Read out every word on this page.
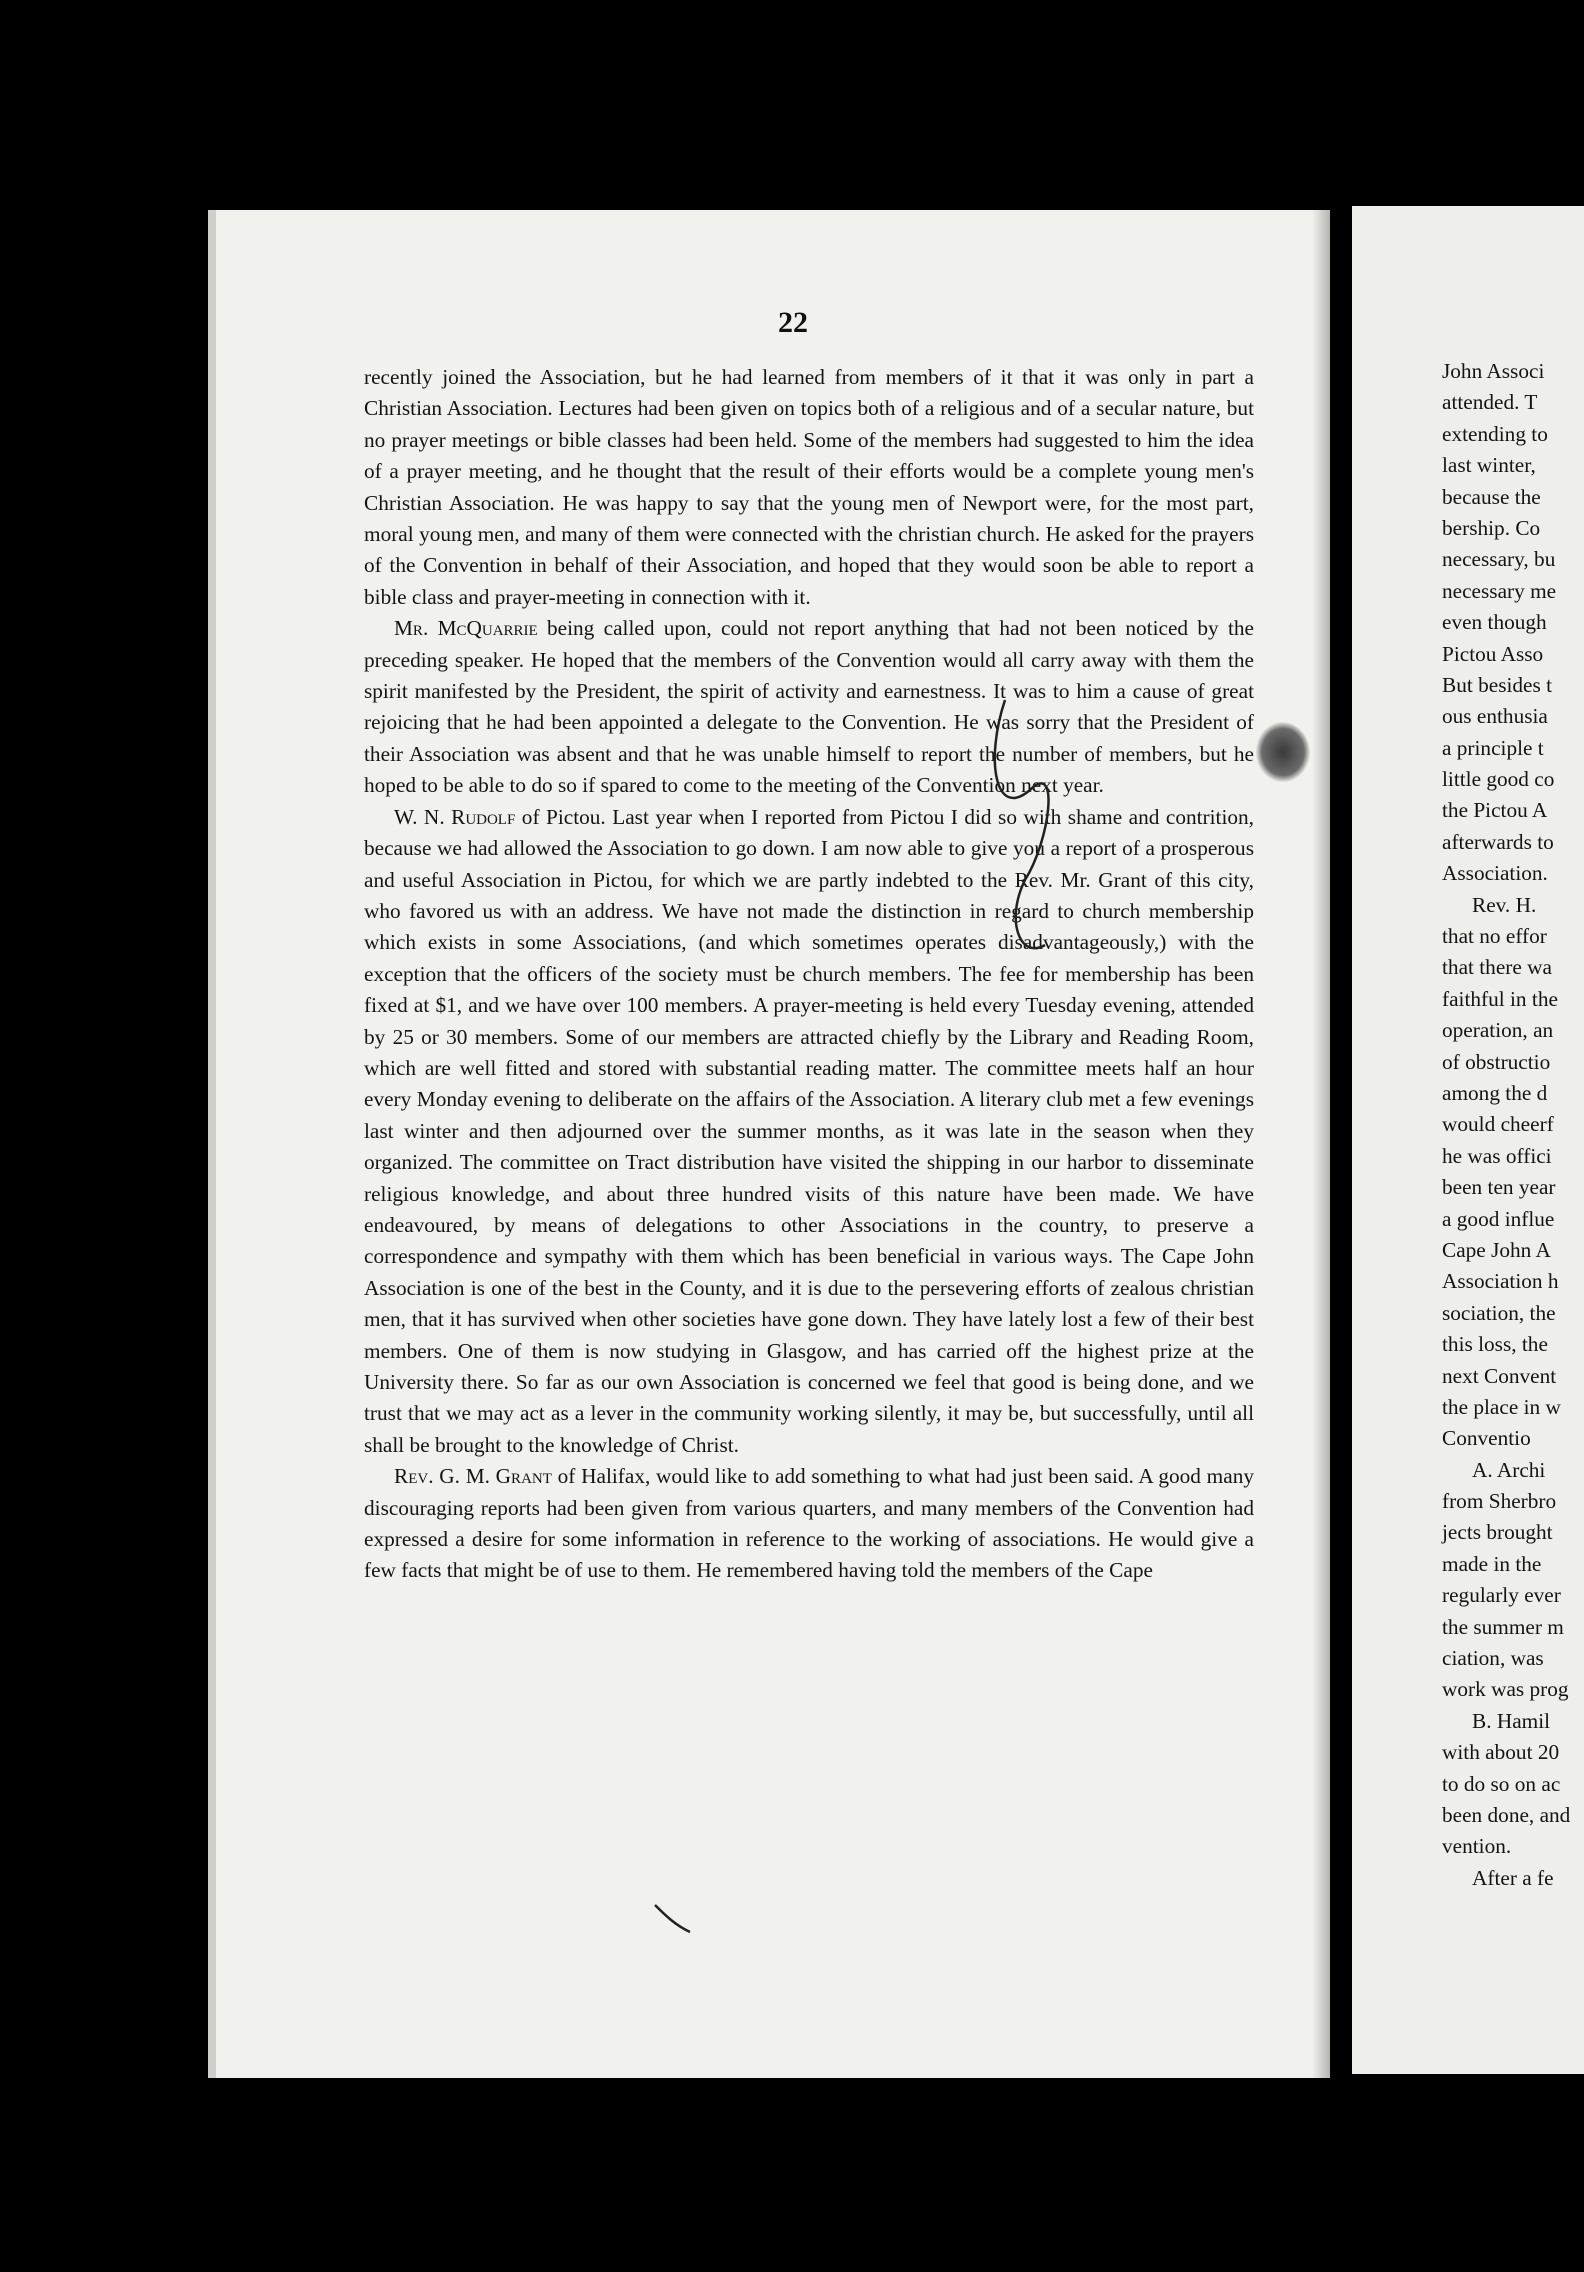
22

recently joined the Association, but he had learned from members of it that it was only in part a Christian Association. Lectures had been given on topics both of a religious and of a secular nature, but no prayer meetings or bible classes had been held. Some of the members had suggested to him the idea of a prayer meeting, and he thought that the result of their efforts would be a complete young men's Christian Association. He was happy to say that the young men of Newport were, for the most part, moral young men, and many of them were connected with the christian church. He asked for the prayers of the Convention in behalf of their Association, and hoped that they would soon be able to report a bible class and prayer-meeting in connection with it.

Mr. McQuarrie being called upon, could not report anything that had not been noticed by the preceding speaker. He hoped that the members of the Convention would all carry away with them the spirit manifested by the President, the spirit of activity and earnestness. It was to him a cause of great rejoicing that he had been appointed a delegate to the Convention. He was sorry that the President of their Association was absent and that he was unable himself to report the number of members, but he hoped to be able to do so if spared to come to the meeting of the Convention next year.

W. N. Rudolf of Pictou. Last year when I reported from Pictou I did so with shame and contrition, because we had allowed the Association to go down. I am now able to give you a report of a prosperous and useful Association in Pictou, for which we are partly indebted to the Rev. Mr. Grant of this city, who favored us with an address. We have not made the distinction in regard to church membership which exists in some Associations, (and which sometimes operates disadvantageously,) with the exception that the officers of the society must be church members. The fee for membership has been fixed at $1, and we have over 100 members. A prayer-meeting is held every Tuesday evening, attended by 25 or 30 members. Some of our members are attracted chiefly by the Library and Reading Room, which are well fitted and stored with substantial reading matter. The committee meets half an hour every Monday evening to deliberate on the affairs of the Association. A literary club met a few evenings last winter and then adjourned over the summer months, as it was late in the season when they organized. The committee on Tract distribution have visited the shipping in our harbor to disseminate religious knowledge, and about three hundred visits of this nature have been made. We have endeavoured, by means of delegations to other Associations in the country, to preserve a correspondence and sympathy with them which has been beneficial in various ways. The Cape John Association is one of the best in the County, and it is due to the persevering efforts of zealous christian men, that it has survived when other societies have gone down. They have lately lost a few of their best members. One of them is now studying in Glasgow, and has carried off the highest prize at the University there. So far as our own Association is concerned we feel that good is being done, and we trust that we may act as a lever in the community working silently, it may be, but successfully, until all shall be brought to the knowledge of Christ.

Rev. G. M. Grant of Halifax, would like to add something to what had just been said. A good many discouraging reports had been given from various quarters, and many members of the Convention had expressed a desire for some information in reference to the working of associations. He would give a few facts that might be of use to them. He remembered having told the members of the Cape

John Associ
attended. T
extending to
last winter,
because the
bership. Co
necessary, bu
necessary me
even though
Pictou Asso
But besides t
ous enthusia
a principle t
little good co
the Pictou A
afterwards to
Association.
Rev. H.
that no effor
that there wa
faithful in the
operation, an
of obstructio
among the d
would cheerf
he was offici
been ten year
a good influe
Cape John A
Association h
sociation, the
this loss, the
next Convent
the place in w
Conventio
A. Archi
from Sherbro
jects brought
made in the
regularly ever
the summer m
ciation, was
work was prog
B. Hamil
with about 20
to do so on ac
been done, and
vention.
After a fe
